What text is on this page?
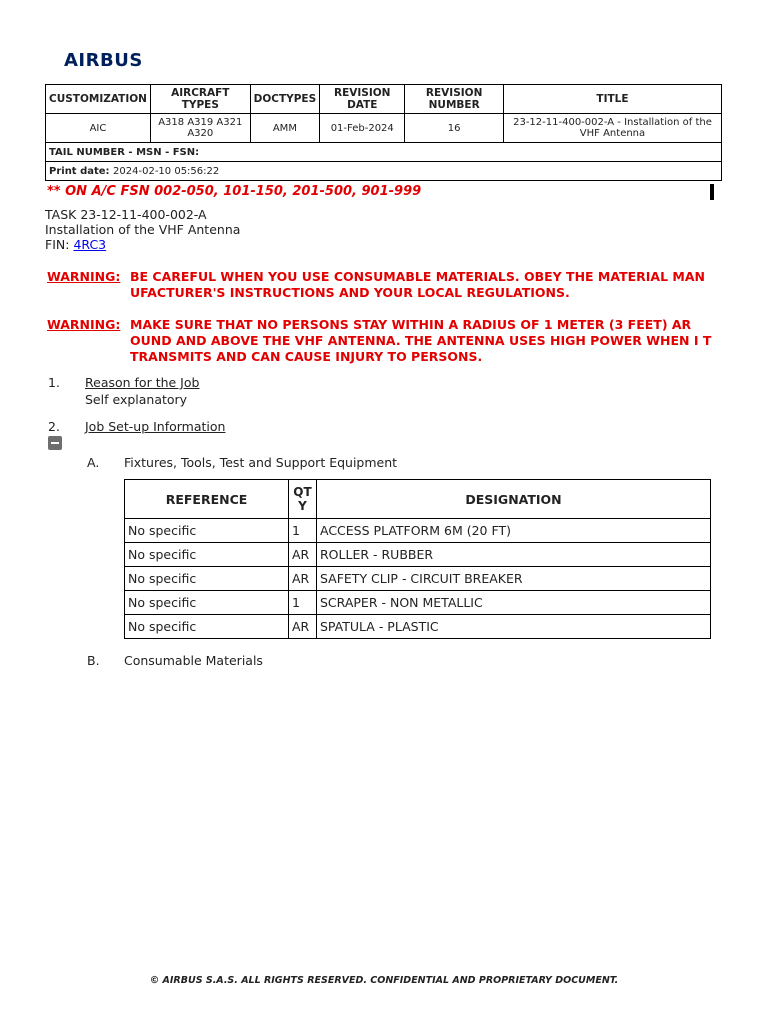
AIRBUS
CUSTOMIZATION	AIRCRAFT TYPES	DOCTYPES	REVISION DATE	REVISION NUMBER	TITLE
AIC	A318 A319 A321 A320	AMM	01-Feb-2024	16	23-12-11-400-002-A - Installation of the VHF Antenna
TAIL NUMBER - MSN - FSN:					
Print date: 2024-02-10 05:56:22					
** ON A/C FSN 002-050, 101-150, 201-500, 901-999
TASK 23-12-11-400-002-A
Installation of the VHF Antenna
FIN: 4RC3
WARNING: BE CAREFUL WHEN YOU USE CONSUMABLE MATERIALS. OBEY THE MATERIAL MAN UFACTURER'S INSTRUCTIONS AND YOUR LOCAL REGULATIONS.
WARNING: MAKE SURE THAT NO PERSONS STAY WITHIN A RADIUS OF 1 METER (3 FEET) AR OUND AND ABOVE THE VHF ANTENNA. THE ANTENNA USES HIGH POWER WHEN I T TRANSMITS AND CAN CAUSE INJURY TO PERSONS.
1. Reason for the Job
Self explanatory
2. Job Set-up Information
A. Fixtures, Tools, Test and Support Equipment
REFERENCE	QT Y	DESIGNATION
No specific	1	ACCESS PLATFORM 6M (20 FT)
No specific	AR	ROLLER - RUBBER
No specific	AR	SAFETY CLIP - CIRCUIT BREAKER
No specific	1	SCRAPER - NON METALLIC
No specific	AR	SPATULA - PLASTIC
B. Consumable Materials
© AIRBUS S.A.S. ALL RIGHTS RESERVED. CONFIDENTIAL AND PROPRIETARY DOCUMENT.
